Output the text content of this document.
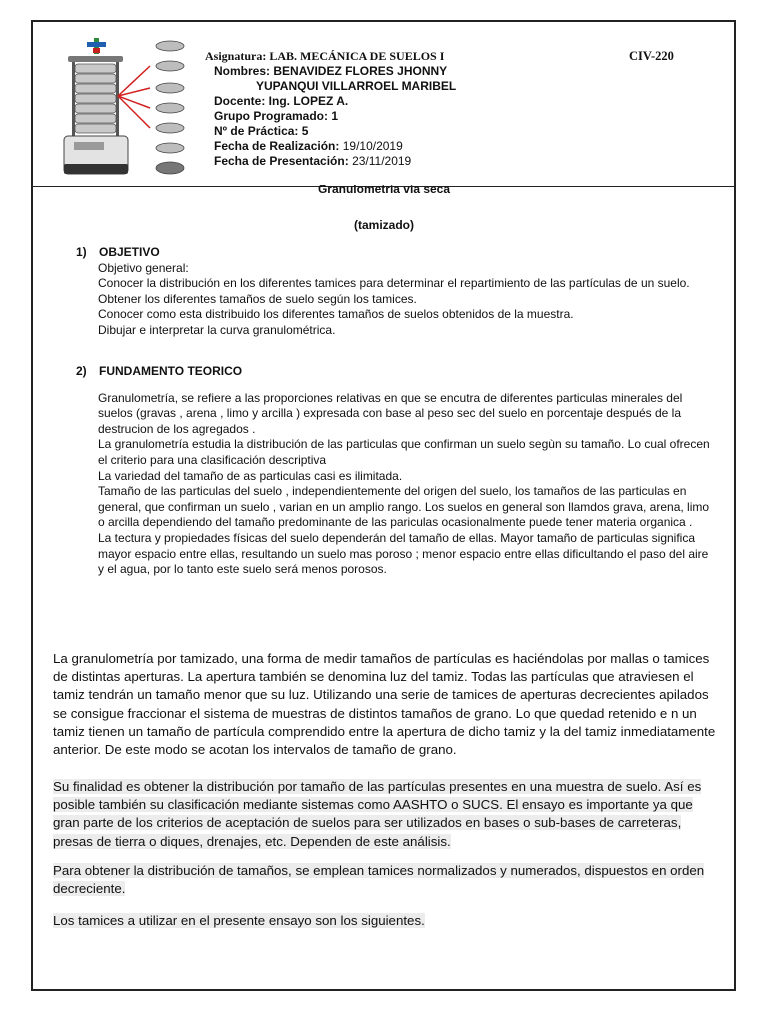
Asignatura: LAB. MECÁNICA DE SUELOS I
Nombres: BENAVIDEZ FLORES JHONNY
YUPANQUI VILLARROEL MARIBEL
Docente: Ing. LOPEZ A.
Grupo Programado: 1
Nº de Práctica: 5
Fecha de Realización: 19/10/2019
Fecha de Presentación: 23/11/2019
CIV-220
Granulometría vía seca
(tamizado)
1)	OBJETIVO

Objetivo general:

Conocer la distribución en los diferentes tamices para determinar el repartimiento de las partículas de un suelo.

Obtener los diferentes tamaños de suelo según los tamices.

Conocer como esta distribuido los diferentes tamaños de suelos obtenidos de la muestra.

Dibujar e interpretar la curva granulométrica.

2)	FUNDAMENTO TEORICO

Granulometría, se refiere a las proporciones relativas en que se encutra de diferentes particulas minerales del suelos (gravas , arena , limo y arcilla ) expresada con base al peso sec del suelo en porcentaje después de la destrucion de los agregados .

La granulometría estudia la distribución de las particulas que confirman un suelo segùn su tamaño. Lo cual ofrecen el criterio para una clasificación descriptiva

La variedad del tamaño de as particulas casi es ilimitada.

Tamaño de las particulas del suelo , independientemente del origen del suelo, los tamaños de las particulas en general, que confirman un suelo , varian en un amplio rango. Los suelos en general son llamdos grava, arena, limo o arcilla dependiendo del tamaño predominante de las pariculas ocasionalmente puede tener materia organica .

La tectura y propiedades físicas del suelo dependerán del tamaño de ellas. Mayor tamaño de particulas significa mayor espacio entre ellas, resultando un suelo mas poroso ; menor espacio entre ellas dificultando el paso del aire y el agua, por lo tanto este suelo será menos porosos.

La granulometría por tamizado, una forma de medir tamaños de partículas es haciéndolas por mallas o tamices de distintas aperturas. La apertura también se denomina luz del tamiz. Todas las partículas que atraviesen el tamiz tendrán un tamaño menor que su luz. Utilizando una serie de tamices de aperturas decrecientes apilados se consigue fraccionar el sistema de muestras de distintos tamaños de grano. Lo que quedad retenido e n un tamiz tienen un tamaño de partícula comprendido entre la apertura de dicho tamiz y la del tamiz inmediatamente anterior. De este modo se acotan los intervalos de tamaño de grano.

Su finalidad es obtener la distribución por tamaño de las partículas presentes en una muestra de suelo. Así es posible también su clasificación mediante sistemas como AASHTO o SUCS. El ensayo es importante ya que gran parte de los criterios de aceptación de suelos para ser utilizados en bases o sub-bases de carreteras, presas de tierra o diques, drenajes, etc. Dependen de este análisis.

Para obtener la distribución de tamaños, se emplean tamices normalizados y numerados, dispuestos en orden decreciente.

Los tamices a utilizar en el presente ensayo son los siguientes.
